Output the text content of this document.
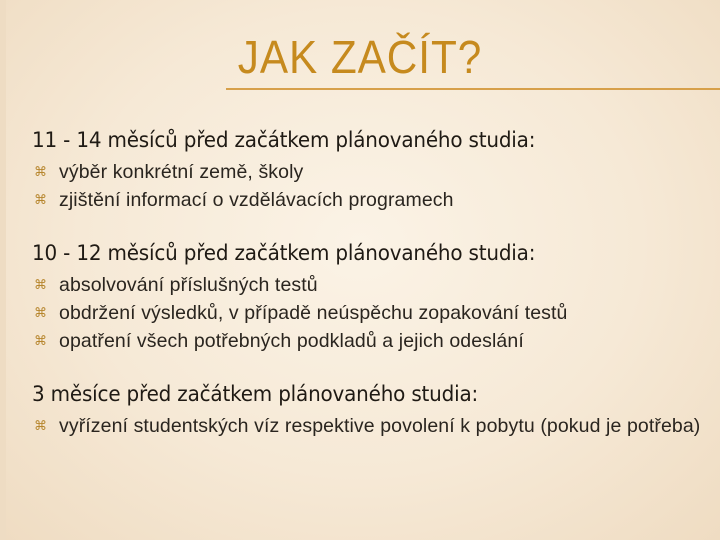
JAK ZAČÍT?
11 - 14 měsíců před začátkem plánovaného studia:
⌘ výběr konkrétní země, školy
⌘ zjištění informací o vzdělávacích programech
10 - 12 měsíců před začátkem plánovaného studia:
⌘ absolvování příslušných testů
⌘ obdržení výsledků, v případě neúspěchu zopakování testů
⌘ opatření všech potřebných podkladů a jejich odeslání
3 měsíce před začátkem plánovaného studia:
⌘ vyřízení studentských víz respektive povolení k pobytu (pokud je potřeba)
